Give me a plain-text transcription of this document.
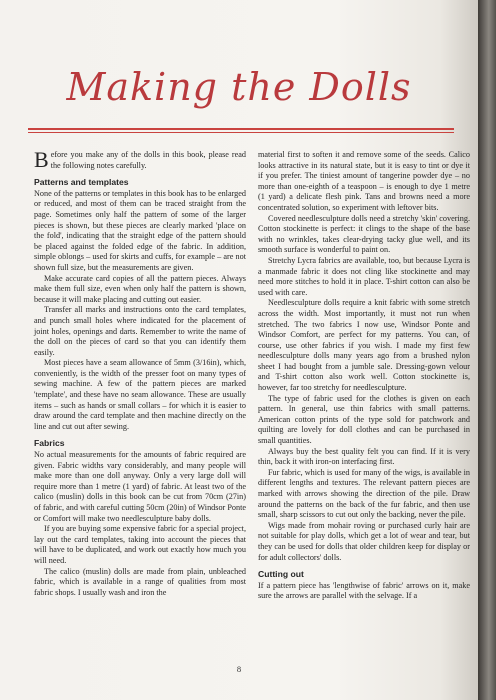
Making the Dolls

Before you make any of the dolls in this book, please read the following notes carefully.

Patterns and templates

None of the patterns or templates in this book has to be enlarged or reduced, and most of them can be traced straight from the page. Sometimes only half the pattern of some of the larger pieces is shown, but these pieces are clearly marked 'place on the fold', indicating that the straight edge of the pattern should be placed against the folded edge of the fabric. In addition, simple oblongs – used for skirts and cuffs, for example – are not shown full size, but the measurements are given.

Make accurate card copies of all the pattern pieces. Always make them full size, even when only half the pattern is shown, because it will make placing and cutting out easier.

Transfer all marks and instructions onto the card templates, and punch small holes where indicated for the placement of joint holes, openings and darts. Remember to write the name of the doll on the pieces of card so that you can identify them easily.

Most pieces have a seam allowance of 5mm (3/16in), which, conveniently, is the width of the presser foot on many types of sewing machine. A few of the pattern pieces are marked 'template', and these have no seam allowance. These are usually items – such as hands or small collars – for which it is easier to draw around the card template and then machine directly on the line and cut out after sewing.

Fabrics

No actual measurements for the amounts of fabric required are given. Fabric widths vary considerably, and many people will make more than one doll anyway. Only a very large doll will require more than 1 metre (1 yard) of fabric. At least two of the calico (muslin) dolls in this book can be cut from 70cm (27in) of fabric, and with careful cutting 50cm (20in) of Windsor Ponte or Comfort will make two needlesculpture baby dolls.

If you are buying some expensive fabric for a special project, lay out the card templates, taking into account the pieces that will have to be duplicated, and work out exactly how much you will need.

The calico (muslin) dolls are made from plain, unbleached fabric, which is available in a range of qualities from most fabric shops. I usually wash and iron the

material first to soften it and remove some of the seeds. Calico looks attractive in its natural state, but it is easy to tint or dye it if you prefer. The tiniest amount of tangerine powder dye – no more than one-eighth of a teaspoon – is enough to dye 1 metre (1 yard) a delicate flesh pink. Tans and browns need a more concentrated solution, so experiment with leftover bits.

Covered needlesculpture dolls need a stretchy 'skin' covering. Cotton stockinette is perfect: it clings to the shape of the base with no wrinkles, takes clear-drying tacky glue well, and its smooth surface is wonderful to paint on.

Stretchy Lycra fabrics are available, too, but because Lycra is a manmade fabric it does not cling like stockinette and may need more stitches to hold it in place. T-shirt cotton can also be used with care.

Needlesculpture dolls require a knit fabric with some stretch across the width. Most importantly, it must not run when stretched. The two fabrics I now use, Windsor Ponte and Windsor Comfort, are perfect for my patterns. You can, of course, use other fabrics if you wish. I made my first few needlesculpture dolls many years ago from a brushed nylon sheet I had bought from a jumble sale. Dressing-gown velour and T-shirt cotton also work well. Cotton stockinette is, however, far too stretchy for needlesculpture.

The type of fabric used for the clothes is given on each pattern. In general, use thin fabrics with small patterns. American cotton prints of the type sold for patchwork and quilting are lovely for doll clothes and can be purchased in small quantities.

Always buy the best quality felt you can find. If it is very thin, back it with iron-on interfacing first.

Fur fabric, which is used for many of the wigs, is available in different lengths and textures. The relevant pattern pieces are marked with arrows showing the direction of the pile. Draw around the patterns on the back of the fur fabric, and then use small, sharp scissors to cut out only the backing, never the pile.

Wigs made from mohair roving or purchased curly hair are not suitable for play dolls, which get a lot of wear and tear, but they can be used for dolls that older children keep for display or for adult collectors' dolls.

Cutting out

If a pattern piece has 'lengthwise of fabric' arrows on it, make sure the arrows are parallel with the selvage. If a

8
